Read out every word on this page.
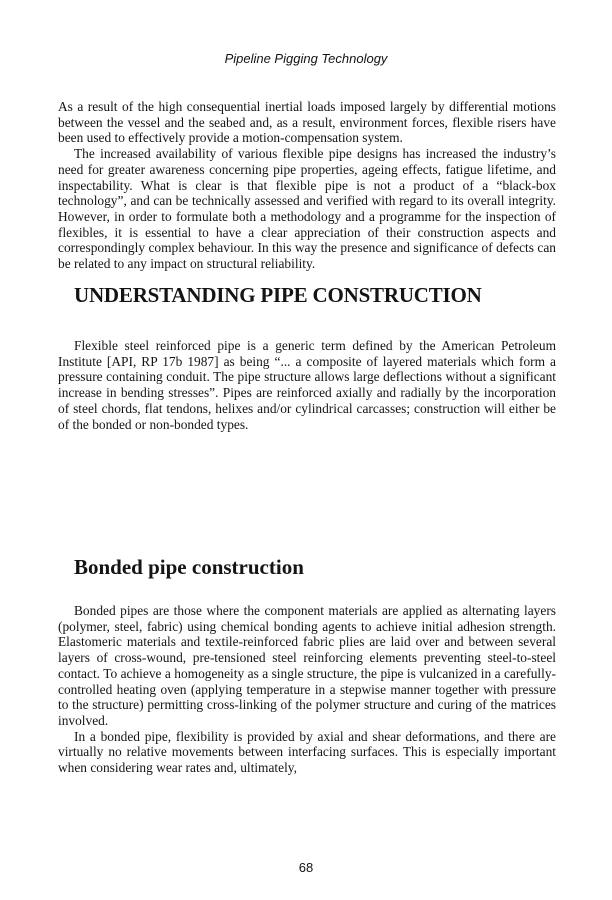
Pipeline Pigging Technology

As a result of the high consequential inertial loads imposed largely by differential motions between the vessel and the seabed and, as a result, environment forces, flexible risers have been used to effectively provide a motion-compensation system.

The increased availability of various flexible pipe designs has increased the industry’s need for greater awareness concerning pipe properties, ageing effects, fatigue lifetime, and inspectability. What is clear is that flexible pipe is not a product of a “black-box technology”, and can be technically assessed and verified with regard to its overall integrity. However, in order to formulate both a methodology and a programme for the inspection of flexibles, it is essential to have a clear appreciation of their construction aspects and correspondingly complex behaviour. In this way the presence and significance of defects can be related to any impact on structural reliability.

UNDERSTANDING PIPE CONSTRUCTION

Flexible steel reinforced pipe is a generic term defined by the American Petroleum Institute [API, RP 17b 1987] as being “... a composite of layered materials which form a pressure containing conduit. The pipe structure allows large deflections without a significant increase in bending stresses”. Pipes are reinforced axially and radially by the incorporation of steel chords, flat tendons, helixes and/or cylindrical carcasses; construction will either be of the bonded or non-bonded types.

Bonded pipe construction

Bonded pipes are those where the component materials are applied as alternating layers (polymer, steel, fabric) using chemical bonding agents to achieve initial adhesion strength. Elastomeric materials and textile-reinforced fabric plies are laid over and between several layers of cross-wound, pre-tensioned steel reinforcing elements preventing steel-to-steel contact. To achieve a homogeneity as a single structure, the pipe is vulcanized in a carefully-controlled heating oven (applying temperature in a stepwise manner together with pressure to the structure) permitting cross-linking of the polymer structure and curing of the matrices involved.

In a bonded pipe, flexibility is provided by axial and shear deformations, and there are virtually no relative movements between interfacing surfaces. This is especially important when considering wear rates and, ultimately,

68
